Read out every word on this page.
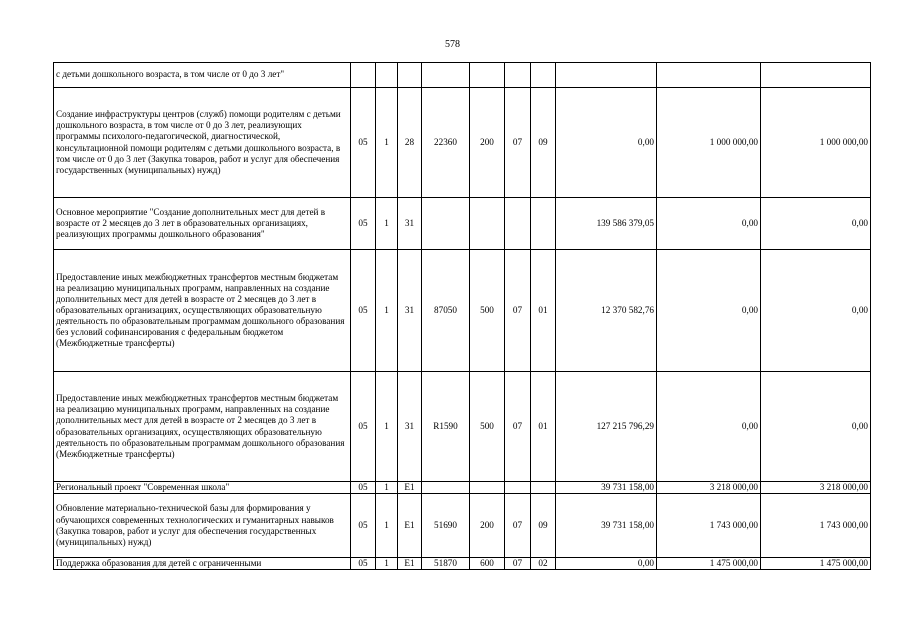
578
с детьми дошкольного возраста, в том числе от 0 до 3 лет"										
Создание инфраструктуры центров (служб) помощи родителям с детьми дошкольного возраста, в том числе от 0 до 3 лет, реализующих программы психолого-педагогической, диагностической, консультационной помощи родителям с детьми дошкольного возраста, в том числе от 0 до 3 лет (Закупка товаров, работ и услуг для обеспечения государственных (муниципальных) нужд)	05	1	28	22360	200	07	09	0,00	1 000 000,00	1 000 000,00
Основное мероприятие "Создание дополнительных мест для детей в возрасте от 2 месяцев до 3 лет в образовательных организациях, реализующих программы дошкольного образования"	05	1	31					139 586 379,05	0,00	0,00
Предоставление иных межбюджетных трансфертов местным бюджетам на реализацию муниципальных программ, направленных на создание дополнительных мест для детей в возрасте от 2 месяцев до 3 лет в образовательных организациях, осуществляющих образовательную деятельность по образовательным программам дошкольного образования без условий софинансирования с федеральным бюджетом (Межбюджетные трансферты)	05	1	31	87050	500	07	01	12 370 582,76	0,00	0,00
Предоставление иных межбюджетных трансфертов местным бюджетам на реализацию муниципальных программ, направленных на создание дополнительных мест для детей в возрасте от 2 месяцев до 3 лет в образовательных организациях, осуществляющих образовательную деятельность по образовательным программам дошкольного образования (Межбюджетные трансферты)	05	1	31	R1590	500	07	01	127 215 796,29	0,00	0,00
Региональный проект "Современная школа"	05	1	E1					39 731 158,00	3 218 000,00	3 218 000,00
Обновление материально-технической базы для формирования у обучающихся современных технологических и гуманитарных навыков (Закупка товаров, работ и услуг для обеспечения государственных (муниципальных) нужд)	05	1	E1	51690	200	07	09	39 731 158,00	1 743 000,00	1 743 000,00
Поддержка образования для детей с ограниченными	05	1	E1	51870	600	07	02	0,00	1 475 000,00	1 475 000,00
